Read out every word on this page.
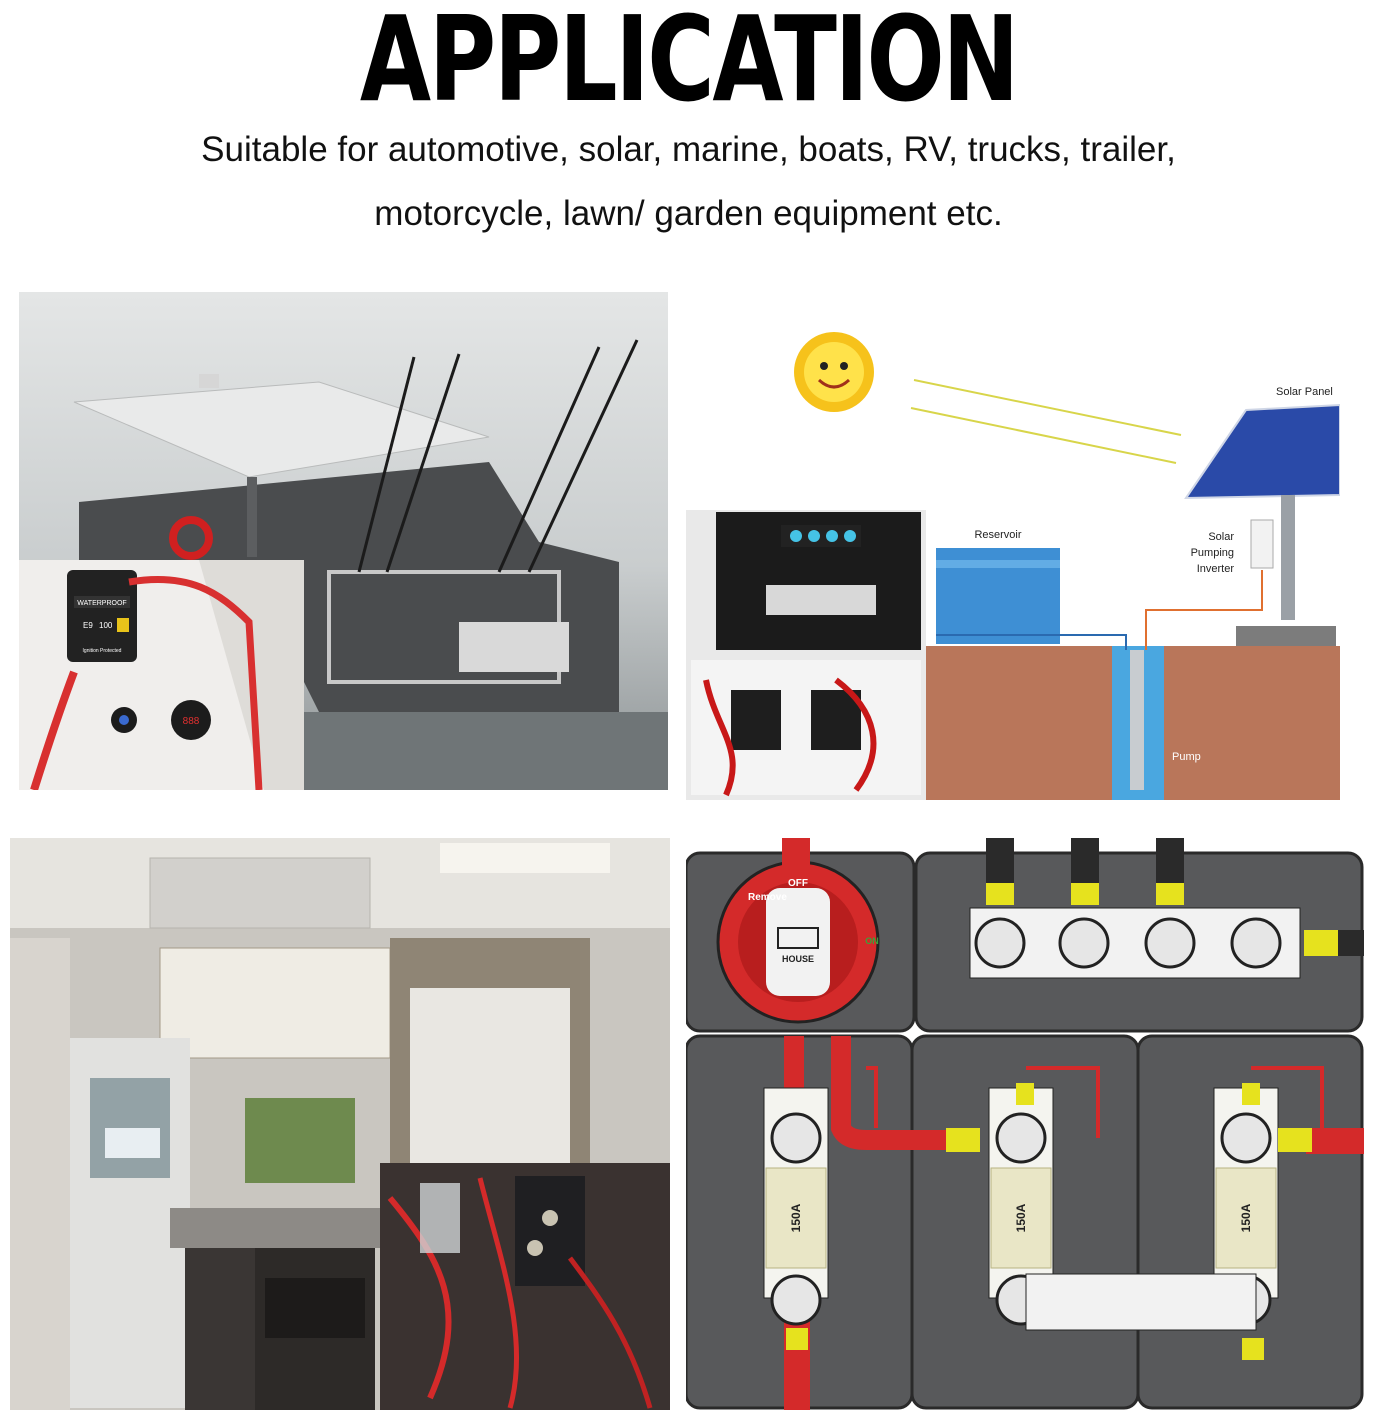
APPLICATION
Suitable for automotive, solar, marine, boats, RV, trucks, trailer,
motorcycle, lawn/ garden equipment etc.
WATERPROOF
E9 100
Ignition Protected
888
Solar Panel
Solar
Pumping
Inverter
Reservoir
Pump
Remove
OFF
HOUSE
ON
150A	150A	150A
